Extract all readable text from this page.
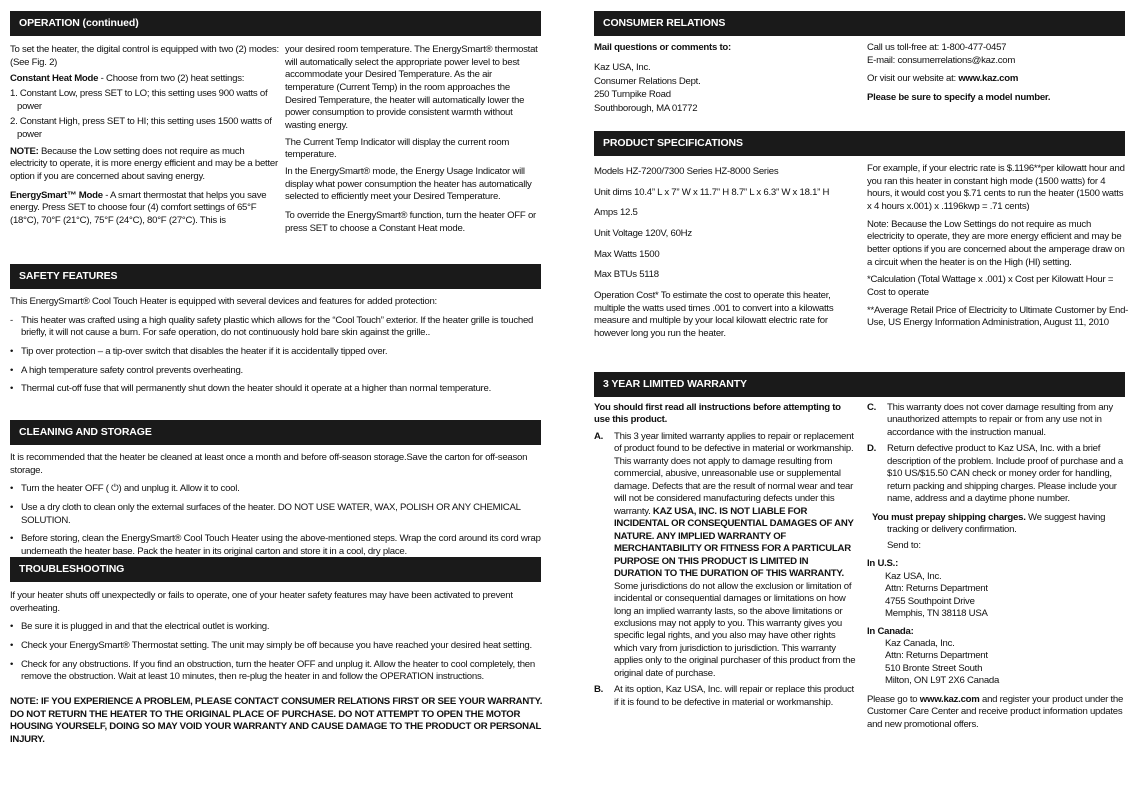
OPERATION (continued)

To set the heater, the digital control is equipped with two (2) modes: (See Fig. 2)

Constant Heat Mode - Choose from two (2) heat settings:

1. Constant Low, press SET to LO; this setting uses 900 watts of power

2. Constant High, press SET to HI; this setting uses 1500 watts of power

NOTE: Because the Low setting does not require as much electricity to operate, it is more energy efficient and may be a better option if you are concerned about saving energy.

EnergySmart™ Mode - A smart thermostat that helps you save energy. Press SET to choose four (4) comfort settings of 65°F (18°C), 70°F (21°C), 75°F (24°C), 80°F (27°C). This is

your desired room temperature. The EnergySmart® thermostat will automatically select the appropriate power level to best accommodate your Desired Temperature. As the air temperature (Current Temp) in the room approaches the Desired Temperature, the heater will automatically lower the power consumption to provide consistent warmth without wasting energy.

The Current Temp Indicator will display the current room temperature.

In the EnergySmart® mode, the Energy Usage Indicator will display what power consumption the heater has automatically selected to efficiently meet your Desired Temperature.

To override the EnergySmart® function, turn the heater OFF or press SET to choose a Constant Heat mode.

SAFETY FEATURES

This EnergySmart® Cool Touch Heater is equipped with several devices and features for added protection:

- This heater was crafted using a high quality safety plastic which allows for the “Cool Touch” exterior. If the heater grille is touched briefly, it will not cause a burn. For safe operation, do not continuously hold bare skin against the grille..
• Tip over protection – a tip-over switch that disables the heater if it is accidentally tipped over.
• A high temperature safety control prevents overheating.
• Thermal cut-off fuse that will permanently shut down the heater should it operate at a higher than normal temperature.
CLEANING AND STORAGE

It is recommended that the heater be cleaned at least once a month and before off-season storage.Save the carton for off-season storage.

• Turn the heater OFF ( ⏻) and unplug it. Allow it to cool.
• Use a dry cloth to clean only the external surfaces of the heater. DO NOT USE WATER, WAX, POLISH OR ANY CHEMICAL SOLUTION.
• Before storing, clean the EnergySmart® Cool Touch Heater using the above-mentioned steps. Wrap the cord around its cord wrap underneath the heater base. Pack the heater in its original carton and store it in a cool, dry place.
TROUBLESHOOTING

If your heater shuts off unexpectedly or fails to operate, one of your heater safety features may have been activated to prevent overheating.

• Be sure it is plugged in and that the electrical outlet is working.
• Check your EnergySmart® Thermostat setting. The unit may simply be off because you have reached your desired heat setting.
• Check for any obstructions. If you find an obstruction, turn the heater OFF and unplug it. Allow the heater to cool completely, then remove the obstruction. Wait at least 10 minutes, then re-plug the heater in and follow the OPERATION instructions.

NOTE: IF YOU EXPERIENCE A PROBLEM, PLEASE CONTACT CONSUMER RELATIONS FIRST OR SEE YOUR WARRANTY. DO NOT RETURN THE HEATER TO THE ORIGINAL PLACE OF PURCHASE. DO NOT ATTEMPT TO OPEN THE MOTOR HOUSING YOURSELF, DOING SO MAY VOID YOUR WARRANTY AND CAUSE DAMAGE TO THE PRODUCT OR PERSONAL INJURY.

CONSUMER RELATIONS

Mail questions or comments to:

Kaz USA, Inc.
Consumer Relations Dept.
250 Turnpike Road
Southborough, MA 01772
Call us toll-free at: 1-800-477-0457
E-mail: consumerrelations@kaz.com
Or visit our website at: www.kaz.com
Please be sure to specify a model number.
PRODUCT SPECIFICATIONS

Models HZ-7200/7300 Series HZ-8000 Series

Unit dims 10.4” L x 7” W x 11.7” H 8.7” L x 6.3” W x 18.1” H

Amps 12.5

Unit Voltage 120V, 60Hz

Max Watts 1500

Max BTUs 5118

Operation Cost* To estimate the cost to operate this heater, multiple the watts used times .001 to convert into a kilowatts measure and multiple by your local kilowatt electric rate for however long you run the heater.

For example, if your electric rate is $.1196**per kilowatt hour and you ran this heater in constant high mode (1500 watts) for 4 hours, it would cost you $.71 cents to run the heater (1500 watts x 4 hours x.001) x .1196kwp = .71 cents)

Note: Because the Low Settings do not require as much electricity to operate, they are more energy efficient and may be better options if you are concerned about the amperage draw on a circuit when the heater is on the High (HI) setting.

*Calculation (Total Wattage x .001) x Cost per Kilowatt Hour = Cost to operate

**Average Retail Price of Electricity to Ultimate Customer by End-Use, US Energy Information Administration, August 11, 2010

3 YEAR LIMITED WARRANTY

You should first read all instructions before attempting to use this product.

A. This 3 year limited warranty applies to repair or replacement of product found to be defective in material or workmanship. This warranty does not apply to damage resulting from commercial, abusive, unreasonable use or supplemental damage. Defects that are the result of normal wear and tear will not be considered manufacturing defects under this warranty. KAZ USA, INC. IS NOT LIABLE FOR INCIDENTAL OR CONSEQUENTIAL DAMAGES OF ANY NATURE. ANY IMPLIED WARRANTY OF MERCHANTABILITY OR FITNESS FOR A PARTICULAR PURPOSE ON THIS PRODUCT IS LIMITED IN DURATION TO THE DURATION OF THIS WARRANTY. Some jurisdictions do not allow the exclusion or limitation of incidental or consequential damages or limitations on how long an implied warranty lasts, so the above limitations or exclusions may not apply to you. This warranty gives you specific legal rights, and you also may have other rights which vary from jurisdiction to jurisdiction. This warranty applies only to the original purchaser of this product from the original date of purchase.
B. At its option, Kaz USA, Inc. will repair or replace this product if it is found to be defective in material or workmanship.
C. This warranty does not cover damage resulting from any unauthorized attempts to repair or from any use not in accordance with the instruction manual.
D. Return defective product to Kaz USA, Inc. with a brief description of the problem. Include proof of purchase and a $10 US/$15.50 CAN check or money order for handling, return packing and shipping charges. Please include your name, address and a daytime phone number.
You must prepay shipping charges. We suggest having tracking or delivery confirmation.
Send to:
In U.S.:
Kaz USA, Inc.
Attn: Returns Department
4755 Southpoint Drive
Memphis, TN 38118 USA
In Canada:
Kaz Canada, Inc.
Attn: Returns Department
510 Bronte Street South
Milton, ON L9T 2X6 Canada
Please go to www.kaz.com and register your product under the Customer Care Center and receive product information updates and new promotional offers.
